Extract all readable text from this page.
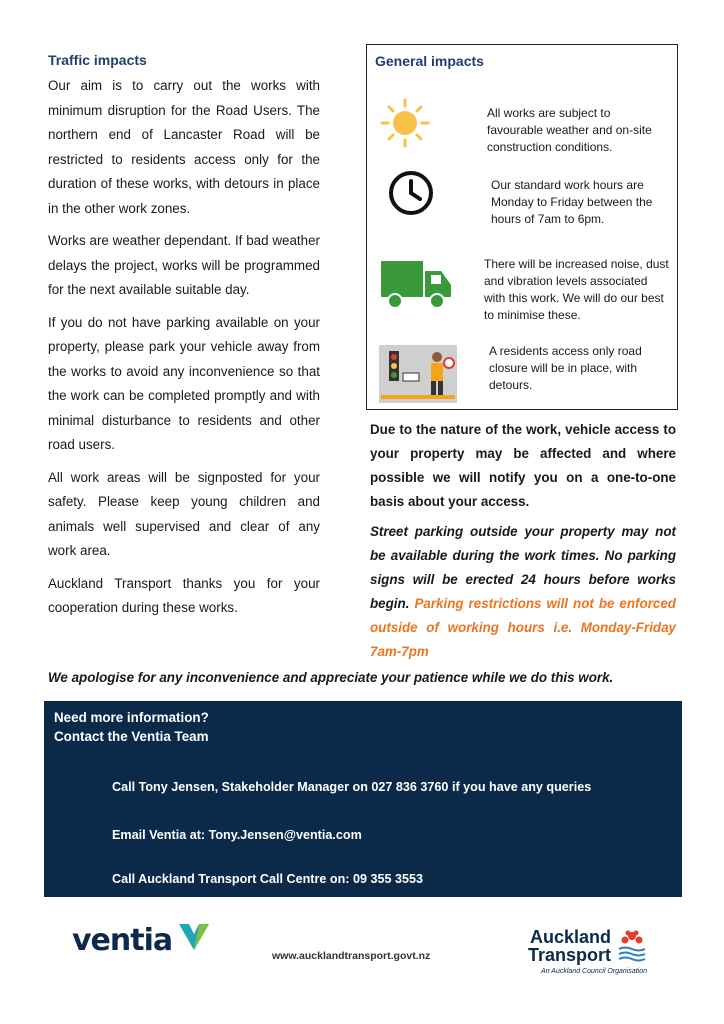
Traffic impacts

Our aim is to carry out the works with minimum disruption for the Road Users. The northern end of Lancaster Road will be restricted to residents access only for the duration of these works, with detours in place in the other work zones.

Works are weather dependant. If bad weather delays the project, works will be programmed for the next available suitable day.

If you do not have parking available on your property, please park your vehicle away from the works to avoid any inconvenience so that the work can be completed promptly and with minimal disturbance to residents and other road users.

All work areas will be signposted for your safety. Please keep young children and animals well supervised and clear of any work area.

Auckland Transport thanks you for your cooperation during these works.

General impacts
All works are subject to favourable weather and on-site construction conditions.
Our standard work hours are Monday to Friday between the hours of 7am to 6pm.
There will be increased noise, dust and vibration levels associated with this work. We will do our best to minimise these.
A residents access only road closure will be in place, with detours.

Due to the nature of the work, vehicle access to your property may be affected and where possible we will notify you on a one-to-one basis about your access.

Street parking outside your property may not be available during the work times. No parking signs will be erected 24 hours before works begin. Parking restrictions will not be enforced outside of working hours i.e. Monday-Friday 7am-7pm

We apologise for any inconvenience and appreciate your patience while we do this work.
Need more information?
Contact the Ventia Team
Call Tony Jensen, Stakeholder Manager on 027 836 3760 if you have any queries
Email Ventia at: Tony.Jensen@ventia.com
Call Auckland Transport Call Centre on: 09 355 3553
ventia	www.aucklandtransport.govt.nz
Auckland
Transport
An Auckland Council Organisation
